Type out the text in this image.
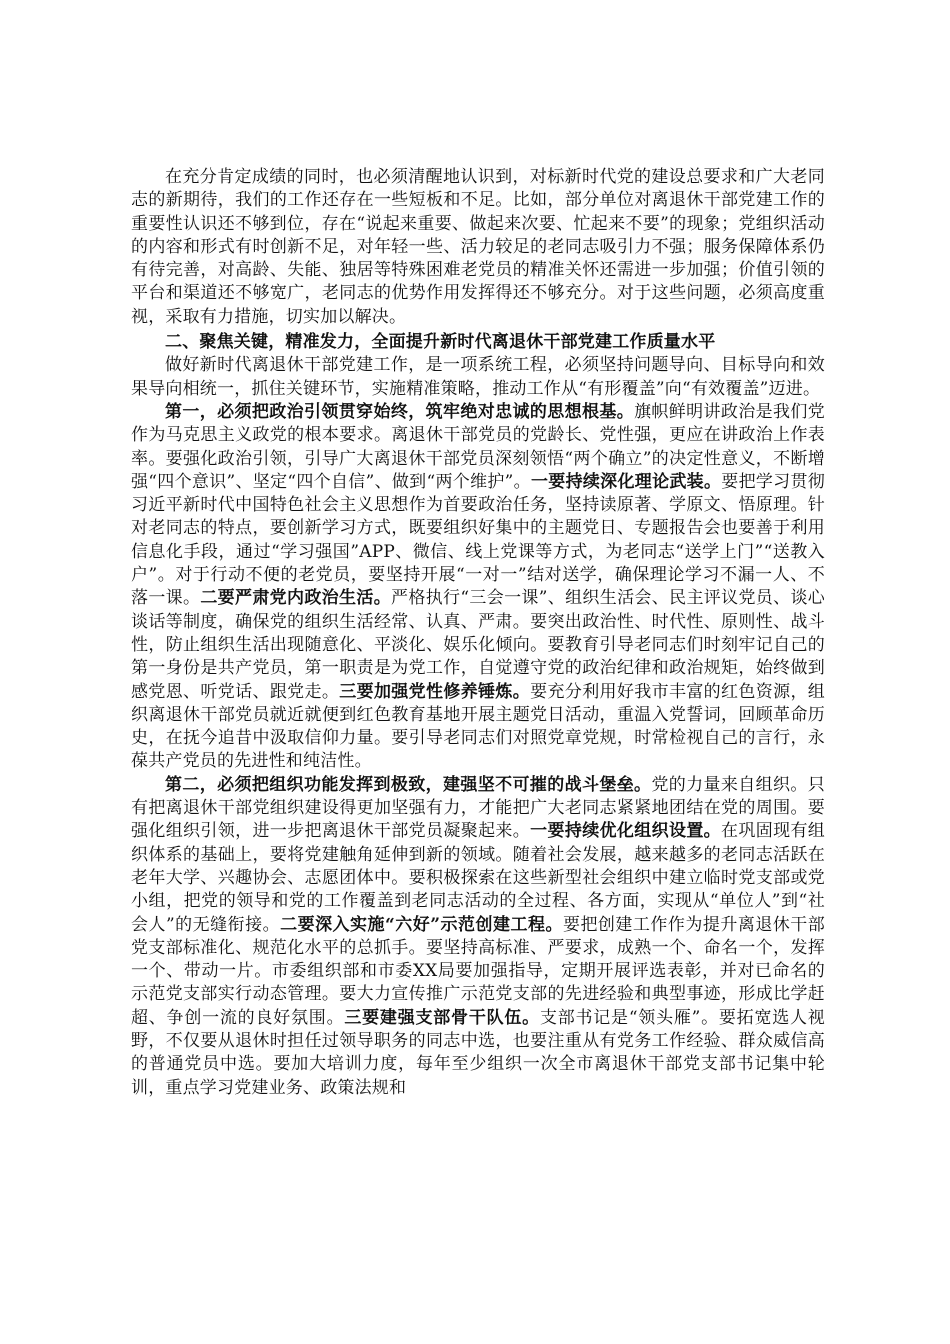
在充分肯定成绩的同时，也必须清醒地认识到，对标新时代党的建设总要求和广大老同志的新期待，我们的工作还存在一些短板和不足。比如，部分单位对离退休干部党建工作的重要性认识还不够到位，存在“说起来重要、做起来次要、忙起来不要”的现象；党组织活动的内容和形式有时创新不足，对年轻一些、活力较足的老同志吸引力不强；服务保障体系仍有待完善，对高龄、失能、独居等特殊困难老党员的精准关怀还需进一步加强；价值引领的平台和渠道还不够宽广，老同志的优势作用发挥得还不够充分。对于这些问题，必须高度重视，采取有力措施，切实加以解决。

二、聚焦关键，精准发力，全面提升新时代离退休干部党建工作质量水平

做好新时代离退休干部党建工作，是一项系统工程，必须坚持问题导向、目标导向和效果导向相统一，抓住关键环节，实施精准策略，推动工作从“有形覆盖”向“有效覆盖”迈进。

第一，必须把政治引领贯穿始终，筑牢绝对忠诚的思想根基。旗帜鲜明讲政治是我们党作为马克思主义政党的根本要求。离退休干部党员的党龄长、党性强，更应在讲政治上作表率。要强化政治引领，引导广大离退休干部党员深刻领悟“两个确立”的决定性意义，不断增强“四个意识”、坚定“四个自信”、做到“两个维护”。一要持续深化理论武装。要把学习贯彻习近平新时代中国特色社会主义思想作为首要政治任务，坚持读原著、学原文、悟原理。针对老同志的特点，要创新学习方式，既要组织好集中的主题党日、专题报告会也要善于利用信息化手段，通过“学习强国”APP、微信、线上党课等方式，为老同志“送学上门”“送教入户”。对于行动不便的老党员，要坚持开展“一对一”结对送学，确保理论学习不漏一人、不落一课。二要严肃党内政治生活。严格执行“三会一课”、组织生活会、民主评议党员、谈心谈话等制度，确保党的组织生活经常、认真、严肃。要突出政治性、时代性、原则性、战斗性，防止组织生活出现随意化、平淡化、娱乐化倾向。要教育引导老同志们时刻牢记自己的第一身份是共产党员，第一职责是为党工作，自觉遵守党的政治纪律和政治规矩，始终做到感党恩、听党话、跟党走。三要加强党性修养锤炼。要充分利用好我市丰富的红色资源，组织离退休干部党员就近就便到红色教育基地开展主题党日活动，重温入党誓词，回顾革命历史，在抚今追昔中汲取信仰力量。要引导老同志们对照党章党规，时常检视自己的言行，永葆共产党员的先进性和纯洁性。

第二，必须把组织功能发挥到极致，建强坚不可摧的战斗堡垒。党的力量来自组织。只有把离退休干部党组织建设得更加坚强有力，才能把广大老同志紧紧地团结在党的周围。要强化组织引领，进一步把离退休干部党员凝聚起来。一要持续优化组织设置。在巩固现有组织体系的基础上，要将党建触角延伸到新的领域。随着社会发展，越来越多的老同志活跃在老年大学、兴趣协会、志愿团体中。要积极探索在这些新型社会组织中建立临时党支部或党小组，把党的领导和党的工作覆盖到老同志活动的全过程、各方面，实现从“单位人”到“社会人”的无缝衔接。二要深入实施“六好”示范创建工程。要把创建工作作为提升离退休干部党支部标准化、规范化水平的总抓手。要坚持高标准、严要求，成熟一个、命名一个，发挥一个、带动一片。市委组织部和市委XX局要加强指导，定期开展评选表彰，并对已命名的示范党支部实行动态管理。要大力宣传推广示范党支部的先进经验和典型事迹，形成比学赶超、争创一流的良好氛围。三要建强支部骨干队伍。支部书记是“领头雁”。要拓宽选人视野，不仅要从退休时担任过领导职务的同志中选，也要注重从有党务工作经验、群众威信高的普通党员中选。要加大培训力度，每年至少组织一次全市离退休干部党支部书记集中轮训，重点学习党建业务、政策法规和
